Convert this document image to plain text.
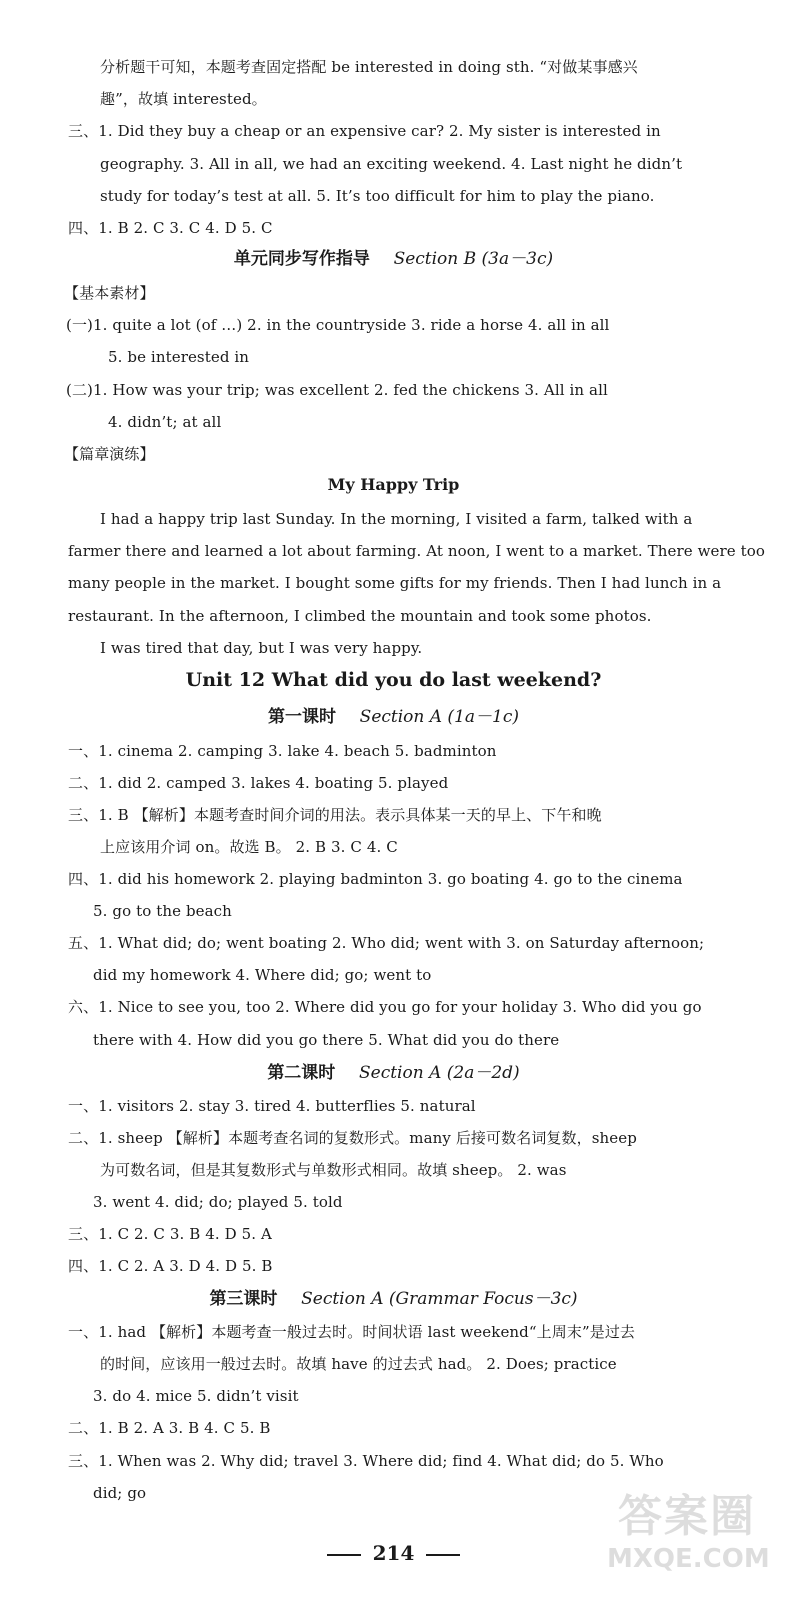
分析题干可知，本题考查固定搭配 be interested in doing sth. “对做某事感兴
趣”，故填 interested。
三、1. Did they buy a cheap or an expensive car? 2. My sister is interested in
geography. 3. All in all, we had an exciting weekend. 4. Last night he didn’t
study for today’s test at all. 5. It’s too difficult for him to play the piano.
四、1. B 2. C 3. C 4. D 5. C
单元同步写作指导 Section B (3a－3c)
【基本素材】
(一)1. quite a lot (of …) 2. in the countryside 3. ride a horse 4. all in all
5. be interested in
(二)1. How was your trip; was excellent 2. fed the chickens 3. All in all
4. didn’t; at all
【篇章演练】
My Happy Trip
I had a happy trip last Sunday. In the morning, I visited a farm, talked with a
farmer there and learned a lot about farming. At noon, I went to a market. There were too
many people in the market. I bought some gifts for my friends. Then I had lunch in a
restaurant. In the afternoon, I climbed the mountain and took some photos.
I was tired that day, but I was very happy.
Unit 12 What did you do last weekend?
第一课时 Section A (1a－1c)
一、1. cinema 2. camping 3. lake 4. beach 5. badminton
二、1. did 2. camped 3. lakes 4. boating 5. played
三、1. B 【解析】本题考查时间介词的用法。表示具体某一天的早上、下午和晚
上应该用介词 on。故选 B。 2. B 3. C 4. C
四、1. did his homework 2. playing badminton 3. go boating 4. go to the cinema
5. go to the beach
五、1. What did; do; went boating 2. Who did; went with 3. on Saturday afternoon;
did my homework 4. Where did; go; went to
六、1. Nice to see you, too 2. Where did you go for your holiday 3. Who did you go
there with 4. How did you go there 5. What did you do there
第二课时 Section A (2a－2d)
一、1. visitors 2. stay 3. tired 4. butterflies 5. natural
二、1. sheep 【解析】本题考查名词的复数形式。many 后接可数名词复数，sheep
为可数名词，但是其复数形式与单数形式相同。故填 sheep。 2. was
3. went 4. did; do; played 5. told
三、1. C 2. C 3. B 4. D 5. A
四、1. C 2. A 3. D 4. D 5. B
第三课时 Section A (Grammar Focus－3c)
一、1. had 【解析】本题考查一般过去时。时间状语 last weekend“上周末”是过去
的时间，应该用一般过去时。故填 have 的过去式 had。 2. Does; practice
3. do 4. mice 5. didn’t visit
二、1. B 2. A 3. B 4. C 5. B
三、1. When was 2. Why did; travel 3. Where did; find 4. What did; do 5. Who
did; go
214
答案圈
MXQE.COM
